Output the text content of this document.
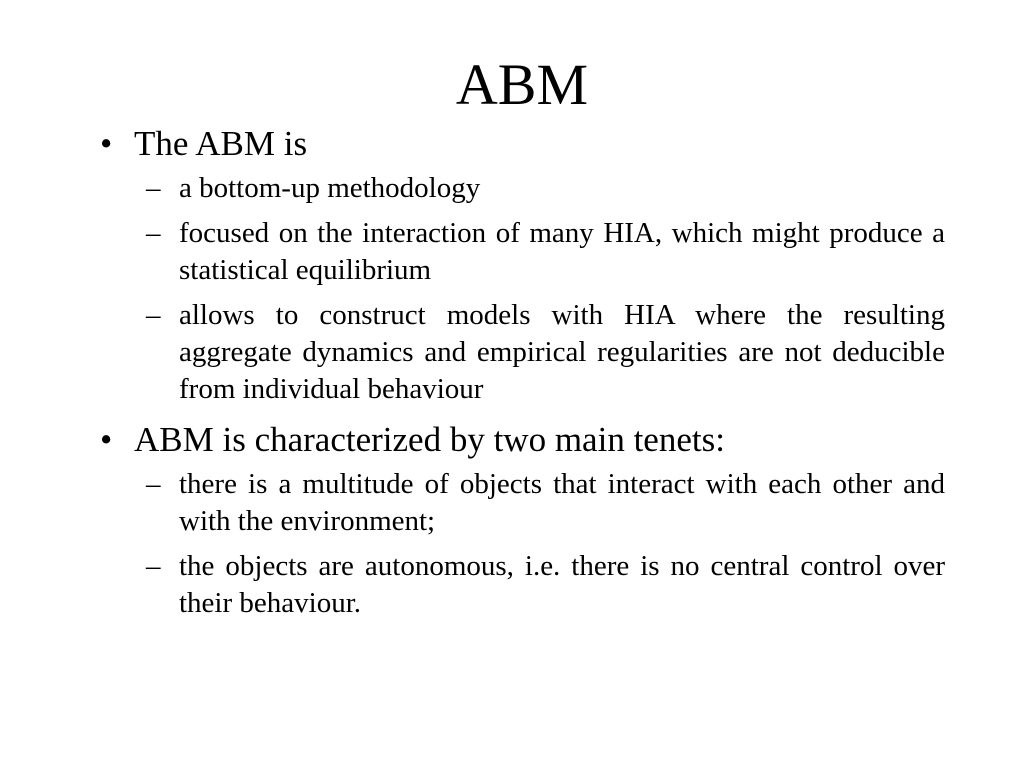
ABM
• The ABM is
– a bottom-up methodology
– focused on the interaction of many HIA, which might produce a statistical equilibrium
– allows to construct models with HIA where the resulting aggregate dynamics and empirical regularities are not deducible from individual behaviour
• ABM is characterized by two main tenets:
– there is a multitude of objects that interact with each other and with the environment;
– the objects are autonomous, i.e. there is no central control over their behaviour.
